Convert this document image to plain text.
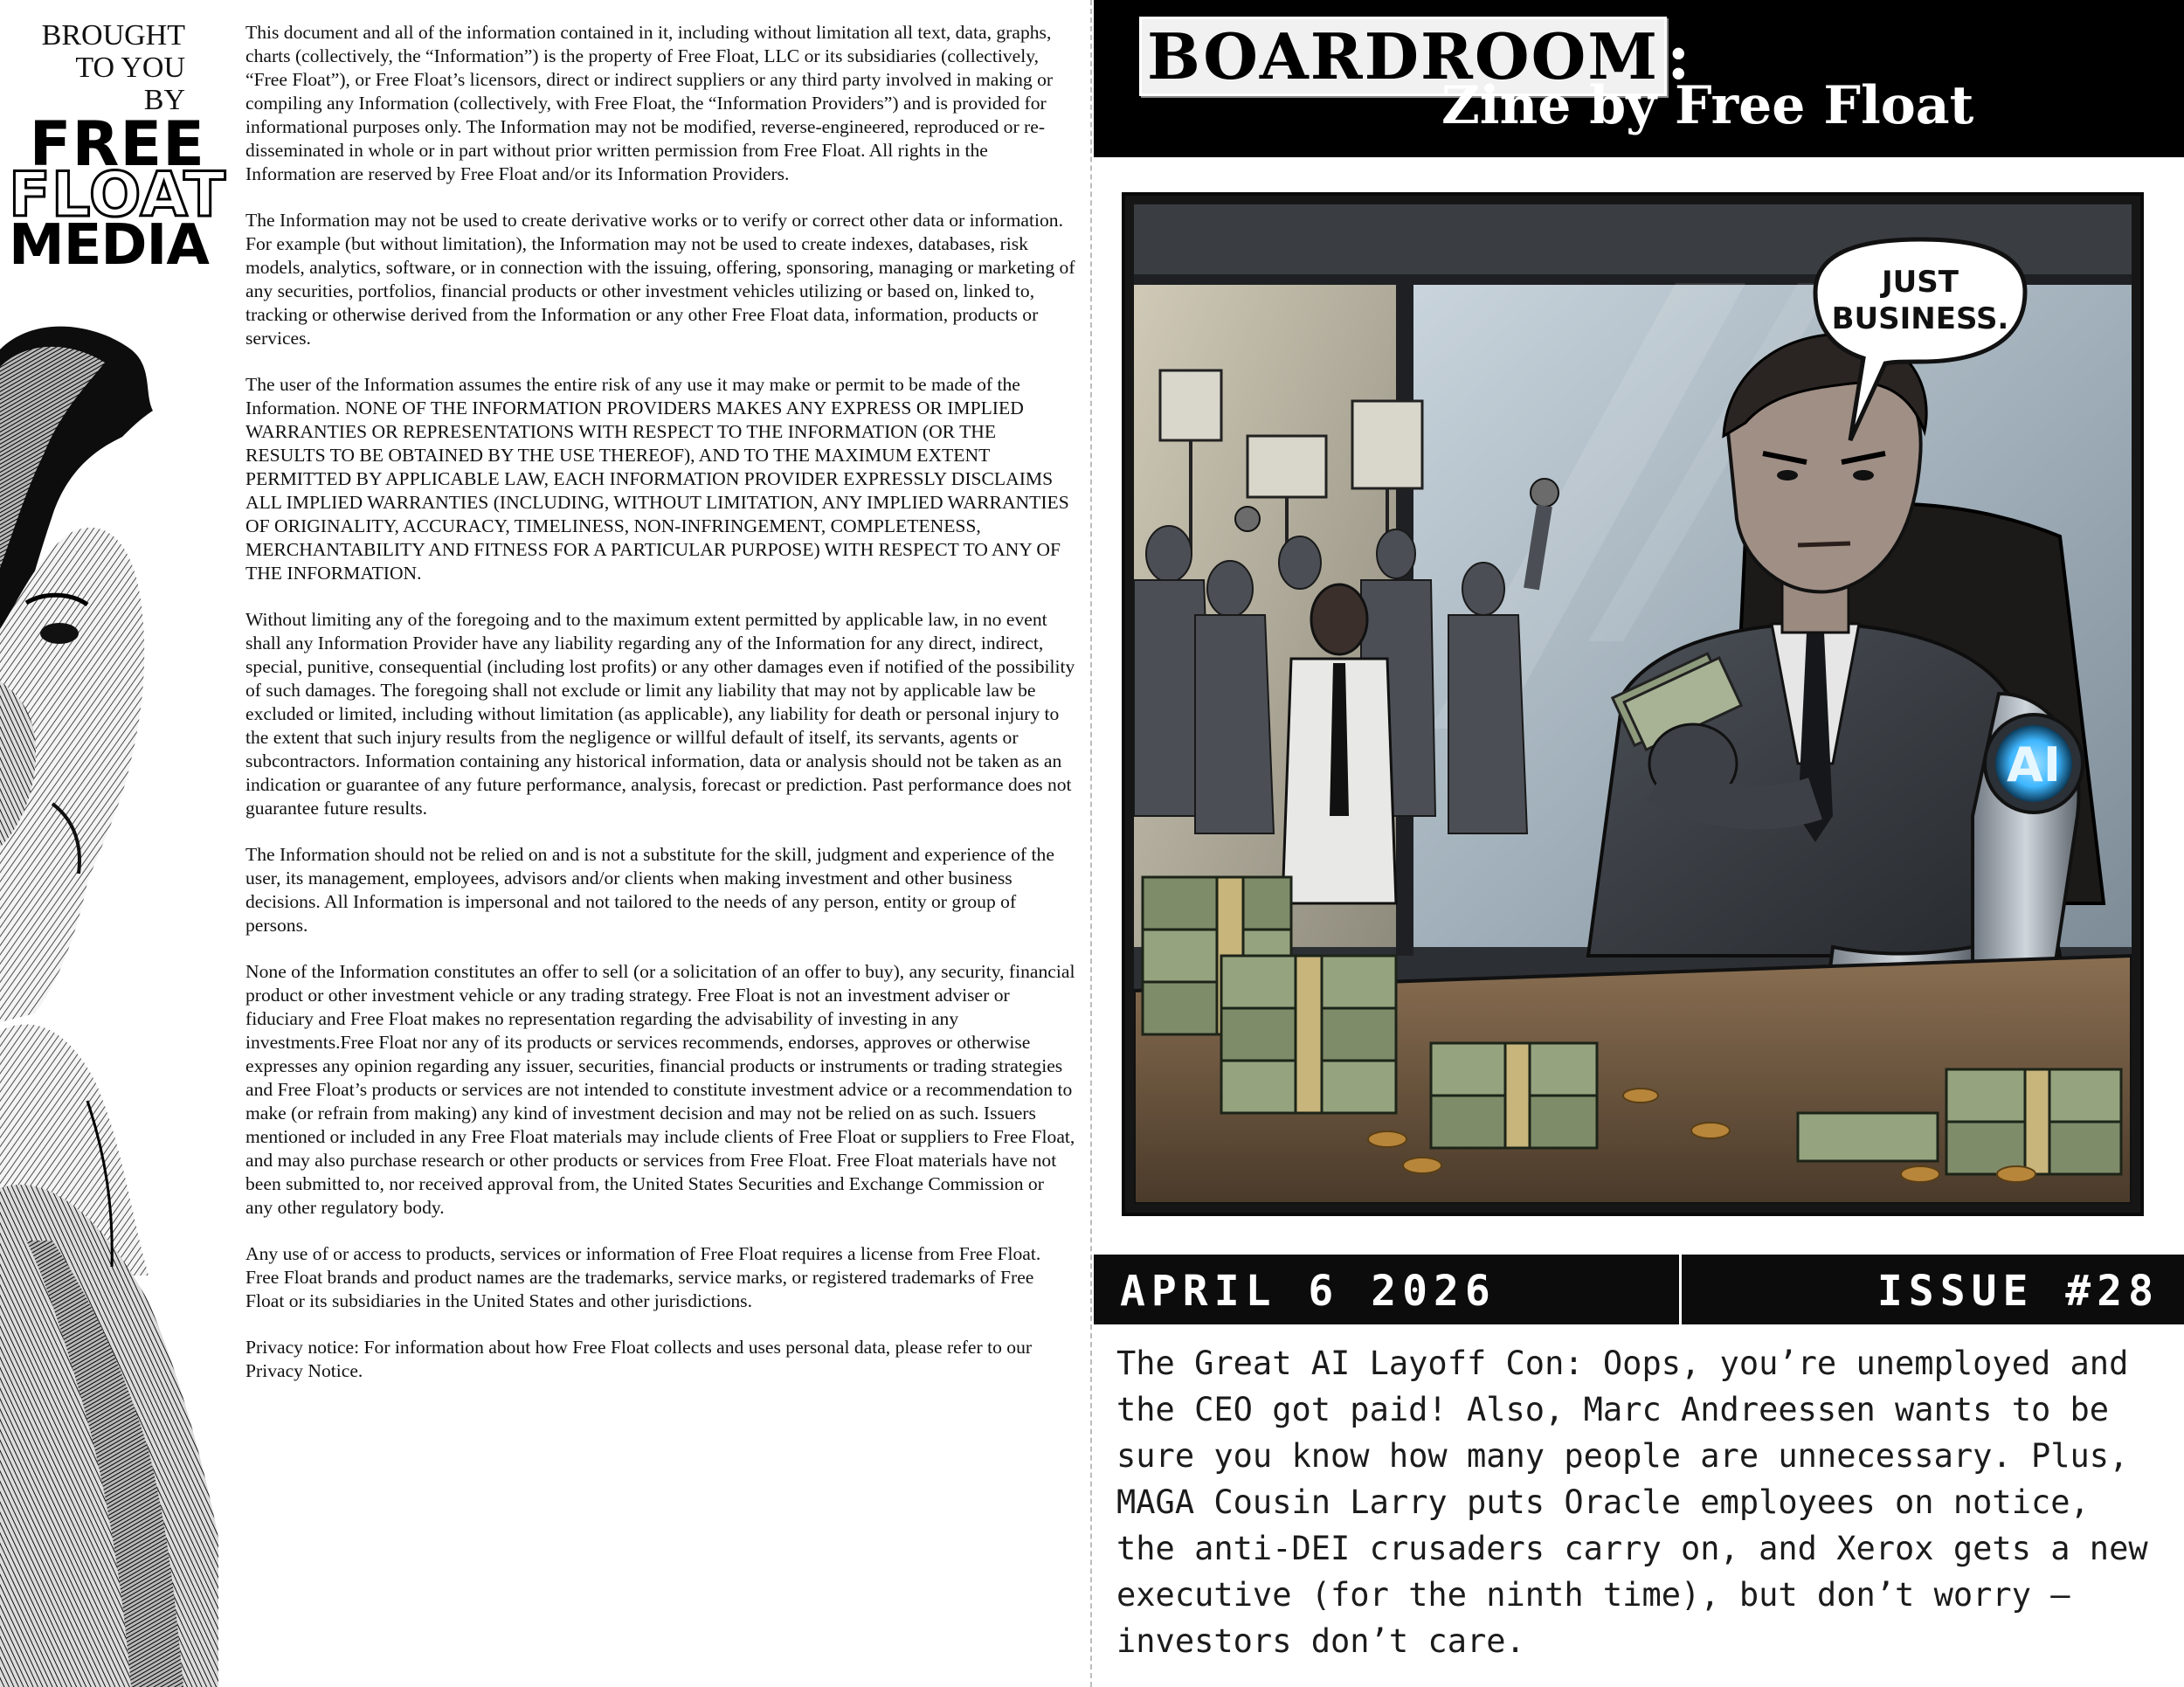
BROUGHT
TO YOU
BY
FREE
FLOAT
MEDIA

This document and all of the information contained in it, including without limitation all text, data, graphs, charts (collectively, the “Information”) is the property of Free Float, LLC or its subsidiaries (collectively, “Free Float”), or Free Float’s licensors, direct or indirect suppliers or any third party involved in making or compiling any Information (collectively, with Free Float, the “Information Providers”) and is provided for informational purposes only. The Information may not be modified, reverse-engineered, reproduced or re-disseminated in whole or in part without prior written permission from Free Float. All rights in the Information are reserved by Free Float and/or its Information Providers.

The Information may not be used to create derivative works or to verify or correct other data or information. For example (but without limitation), the Information may not be used to create indexes, databases, risk models, analytics, software, or in connection with the issuing, offering, sponsoring, managing or marketing of any securities, portfolios, financial products or other investment vehicles utilizing or based on, linked to, tracking or otherwise derived from the Information or any other Free Float data, information, products or services.

The user of the Information assumes the entire risk of any use it may make or permit to be made of the Information. NONE OF THE INFORMATION PROVIDERS MAKES ANY EXPRESS OR IMPLIED WARRANTIES OR REPRESENTATIONS WITH RESPECT TO THE INFORMATION (OR THE RESULTS TO BE OBTAINED BY THE USE THEREOF), AND TO THE MAXIMUM EXTENT PERMITTED BY APPLICABLE LAW, EACH INFORMATION PROVIDER EXPRESSLY DISCLAIMS ALL IMPLIED WARRANTIES (INCLUDING, WITHOUT LIMITATION, ANY IMPLIED WARRANTIES OF ORIGINALITY, ACCURACY, TIMELINESS, NON-INFRINGEMENT, COMPLETENESS, MERCHANTABILITY AND FITNESS FOR A PARTICULAR PURPOSE) WITH RESPECT TO ANY OF THE INFORMATION.

Without limiting any of the foregoing and to the maximum extent permitted by applicable law, in no event shall any Information Provider have any liability regarding any of the Information for any direct, indirect, special, punitive, consequential (including lost profits) or any other damages even if notified of the possibility of such damages. The foregoing shall not exclude or limit any liability that may not by applicable law be excluded or limited, including without limitation (as applicable), any liability for death or personal injury to the extent that such injury results from the negligence or willful default of itself, its servants, agents or subcontractors. Information containing any historical information, data or analysis should not be taken as an indication or guarantee of any future performance, analysis, forecast or prediction. Past performance does not guarantee future results.

The Information should not be relied on and is not a substitute for the skill, judgment and experience of the user, its management, employees, advisors and/or clients when making investment and other business decisions. All Information is impersonal and not tailored to the needs of any person, entity or group of persons.

None of the Information constitutes an offer to sell (or a solicitation of an offer to buy), any security, financial product or other investment vehicle or any trading strategy. Free Float is not an investment adviser or fiduciary and Free Float makes no representation regarding the advisability of investing in any investments.Free Float nor any of its products or services recommends, endorses, approves or otherwise expresses any opinion regarding any issuer, securities, financial products or instruments or trading strategies and Free Float’s products or services are not intended to constitute investment advice or a recommendation to make (or refrain from making) any kind of investment decision and may not be relied on as such. Issuers mentioned or included in any Free Float materials may include clients of Free Float or suppliers to Free Float, and may also purchase research or other products or services from Free Float. Free Float materials have not been submitted to, nor received approval from, the United States Securities and Exchange Commission or any other regulatory body.

Any use of or access to products, services or information of Free Float requires a license from Free Float. Free Float brands and product names are the trademarks, service marks, or registered trademarks of Free Float or its subsidiaries in the United States and other jurisdictions.

Privacy notice: For information about how Free Float collects and uses personal data, please refer to our Privacy Notice.

BOARDROOM :
Zine by Free Float
AI
JUST
BUSINESS.
APRIL 6 2026	ISSUE #28
The Great AI Layoff Con: Oops, you’re unemployed and the CEO got paid! Also, Marc Andreessen wants to be sure you know how many people are unnecessary. Plus, MAGA Cousin Larry puts Oracle employees on notice, the anti-DEI crusaders carry on, and Xerox gets a new executive (for the ninth time), but don’t worry – investors don’t care.
